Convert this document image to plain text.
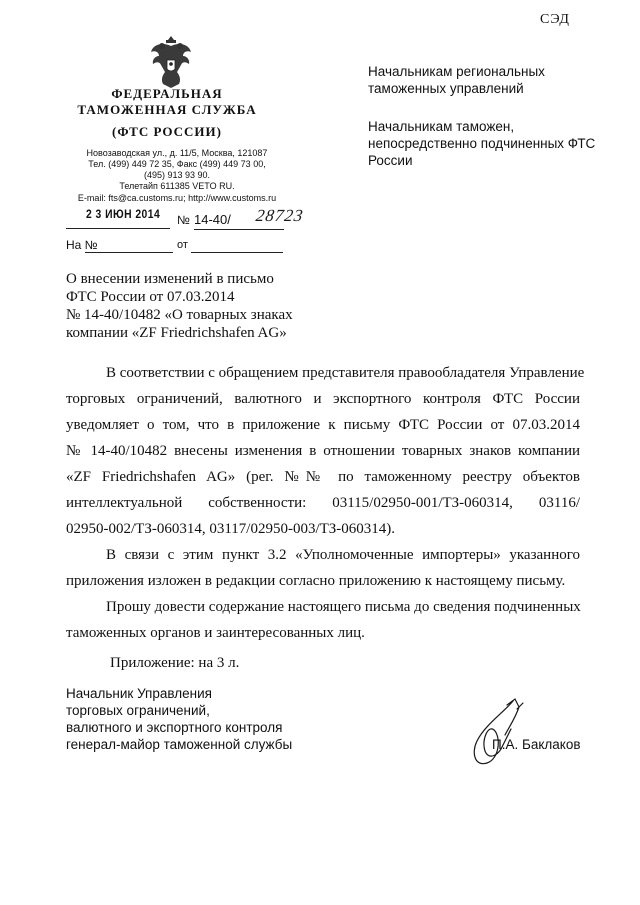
СЭД
ФЕДЕРАЛЬНАЯ
ТАМОЖЕННАЯ СЛУЖБА
(ФТС РОССИИ)
Новозаводская ул., д. 11/5, Москва, 121087
Тел. (499) 449 72 35, Факс (499) 449 73 00,
(495) 913 93 90.
Телетайп 611385 VETO RU.
E-mail: fts@ca.customs.ru; http://www.customs.ru
2 3 ИЮН 2014 № 14-40/ 28723
На №	от
Начальникам региональных таможенных управлений
Начальникам таможен, непосредственно подчиненных ФТС России
О внесении изменений в письмо
ФТС России от 07.03.2014
№ 14-40/10482 «О товарных знаках
компании «ZF Friedrichshafen AG»
В соответствии с обращением представителя правообладателя Управление
торговых ограничений, валютного и экспортного контроля ФТС России
уведомляет о том, что в приложение к письму ФТС России от 07.03.2014
№ 14-40/10482 внесены изменения в отношении товарных знаков компании
«ZF Friedrichshafen AG» (рег. №№ по таможенному реестру объектов
интеллектуальной собственности: 03115/02950-001/ТЗ-060314, 03116/
02950-002/ТЗ-060314, 03117/02950-003/ТЗ-060314).
В связи с этим пункт 3.2 «Уполномоченные импортеры» указанного
приложения изложен в редакции согласно приложению к настоящему письму.
Прошу довести содержание настоящего письма до сведения подчиненных
таможенных органов и заинтересованных лиц.
Приложение: на 3 л.
Начальник Управления
торговых ограничений,
валютного и экспортного контроля
генерал-майор таможенной службы	П.А. Баклаков
